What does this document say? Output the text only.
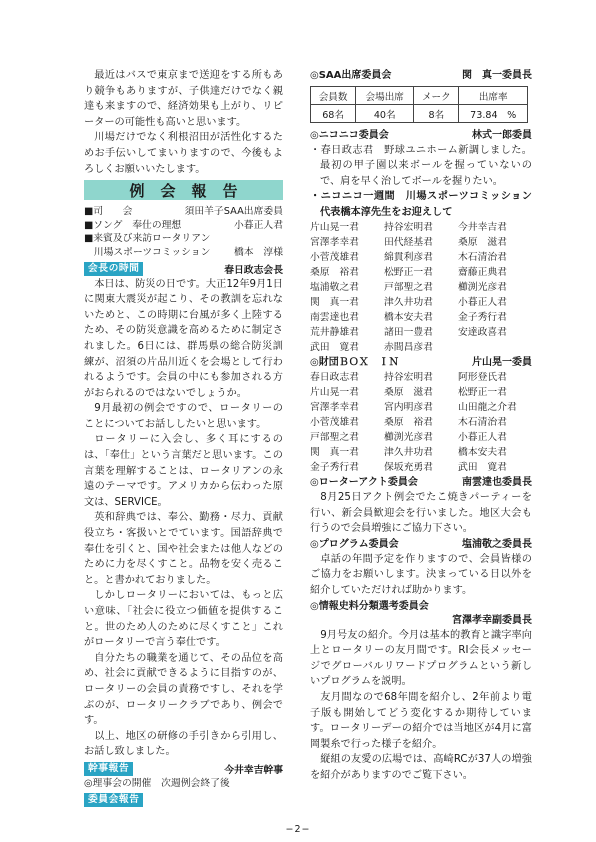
最近はバスで東京まで送迎をする所もあり競争もありますが、子供達だけでなく親達も来ますので、経済効果も上がり、リピーターの可能性も高いと思います。

川場だけでなく利根沼田が活性化するためお手伝いしてまいりますので、今後もよろしくお願いいたします。

例会報告
■司　　会	須田羊子SAA出席委員
■ソング　奉仕の理想	小暮正人君
■来賓及び来訪ロータリアン
　川場スポーツコミッション 橋本　淳様
会長の時間	春日政志会長

本日は、防災の日です。大正12年9月1日に関東大震災が起こり、その教訓を忘れないためと、この時期に台風が多く上陸するため、その防災意識を高めるために制定されました。6日には、群馬県の総合防災訓練が、沼須の片品川近くを会場として行われるようです。会員の中にも参加される方がおられるのではないでしょうか。

9月最初の例会ですので、ロータリーのことについてお話ししたいと思います。

ロータリーに入会し、多く耳にするのは、「奉仕」という言葉だと思います。この言葉を理解することは、ロータリアンの永遠のテーマです。アメリカから伝わった原文は、SERVICE。

英和辞典では、奉公、勤務・尽力、貢献役立ち・客扱いとでています。国語辞典で奉仕を引くと、国や社会または他人などのために力を尽くすこと。品物を安く売ること。と書かれておりました。

しかしロータリーにおいては、もっと広い意味、「社会に役立つ価値を提供すること。世のため人のために尽くすこと」これがロータリーで言う奉仕です。

自分たちの職業を通じて、その品位を高め、社会に貢献できるように目指すのが、ロータリーの会員の責務ですし、それを学ぶのが、ロータリークラブであり、例会です。

以上、地区の研修の手引きから引用し、お話し致しました。

幹事報告	今井幸吉幹事

◎理事会の開催　次週例会終了後

委員会報告
◎SAA出席委員会	関　真一委員長
会員数	会場出席	メーク	出席率
68名	40名	8名	73.84　%
◎ニコニコ委員会	林式一郎委員

・春日政志君　野球ユニホーム新調しました。最初の甲子園以来ボールを握っていないので、肩を早く治してボールを握りたい。

・ニコニコ一週間　川場スポーツコミッション代表橋本淳先生をお迎えして

片山晃一君	持谷宏明君	今井幸吉君
宮澤孝幸君	田代経基君	桑原　滋君
小菅茂雄君	綿貫利彦君	木石清治君
桑原　裕君	松野正一君	齋藤正典君
塩浦敬之君	戸部聖之君	櫛渕光彦君
関　真一君	津久井功君	小暮正人君
南雲達也君	橋本安夫君	金子秀行君
荒井静雄君	諸田一豊君	安達政喜君
武田　寛君	赤間昌彦君
◎財団ＢＯＸ　ＩＮ	片山晃一委員
春日政志君	持谷宏明君	阿形登氏君
片山晃一君	桑原　滋君	松野正一君
宮澤孝幸君	宮内明彦君	山田龍之介君
小菅茂雄君	桑原　裕君	木石清治君
戸部聖之君	櫛渕光彦君	小暮正人君
関　真一君	津久井功君	橋本安夫君
金子秀行君	保坂充勇君	武田　寛君
◎ローターアクト委員会	南雲達也委員長

8月25日アクト例会でたこ焼きパーティーを行い、新会員歓迎会を行いました。地区大会も行うので会員増強にご協力下さい。

◎プログラム委員会	塩浦敬之委員長

卓話の年間予定を作りますので、会員皆様のご協力をお願いします。決まっている日以外を紹介していただければ助かります。

◎情報史料分類選考委員会
宮澤孝幸副委員長

9月号友の紹介。今月は基本的教育と識字率向上とロータリーの友月間です。RI会長メッセージでグローバルリワードプログラムという新しいプログラムを説明。

友月間なので68年間を紹介し、2年前より電子版も開始してどう変化するか期待しています。ロータリーデーの紹介では当地区が4月に富岡製糸で行った様子を紹介。

縦組の友愛の広場では、高崎RCが37人の増強を紹介がありますのでご覧下さい。

−2−
